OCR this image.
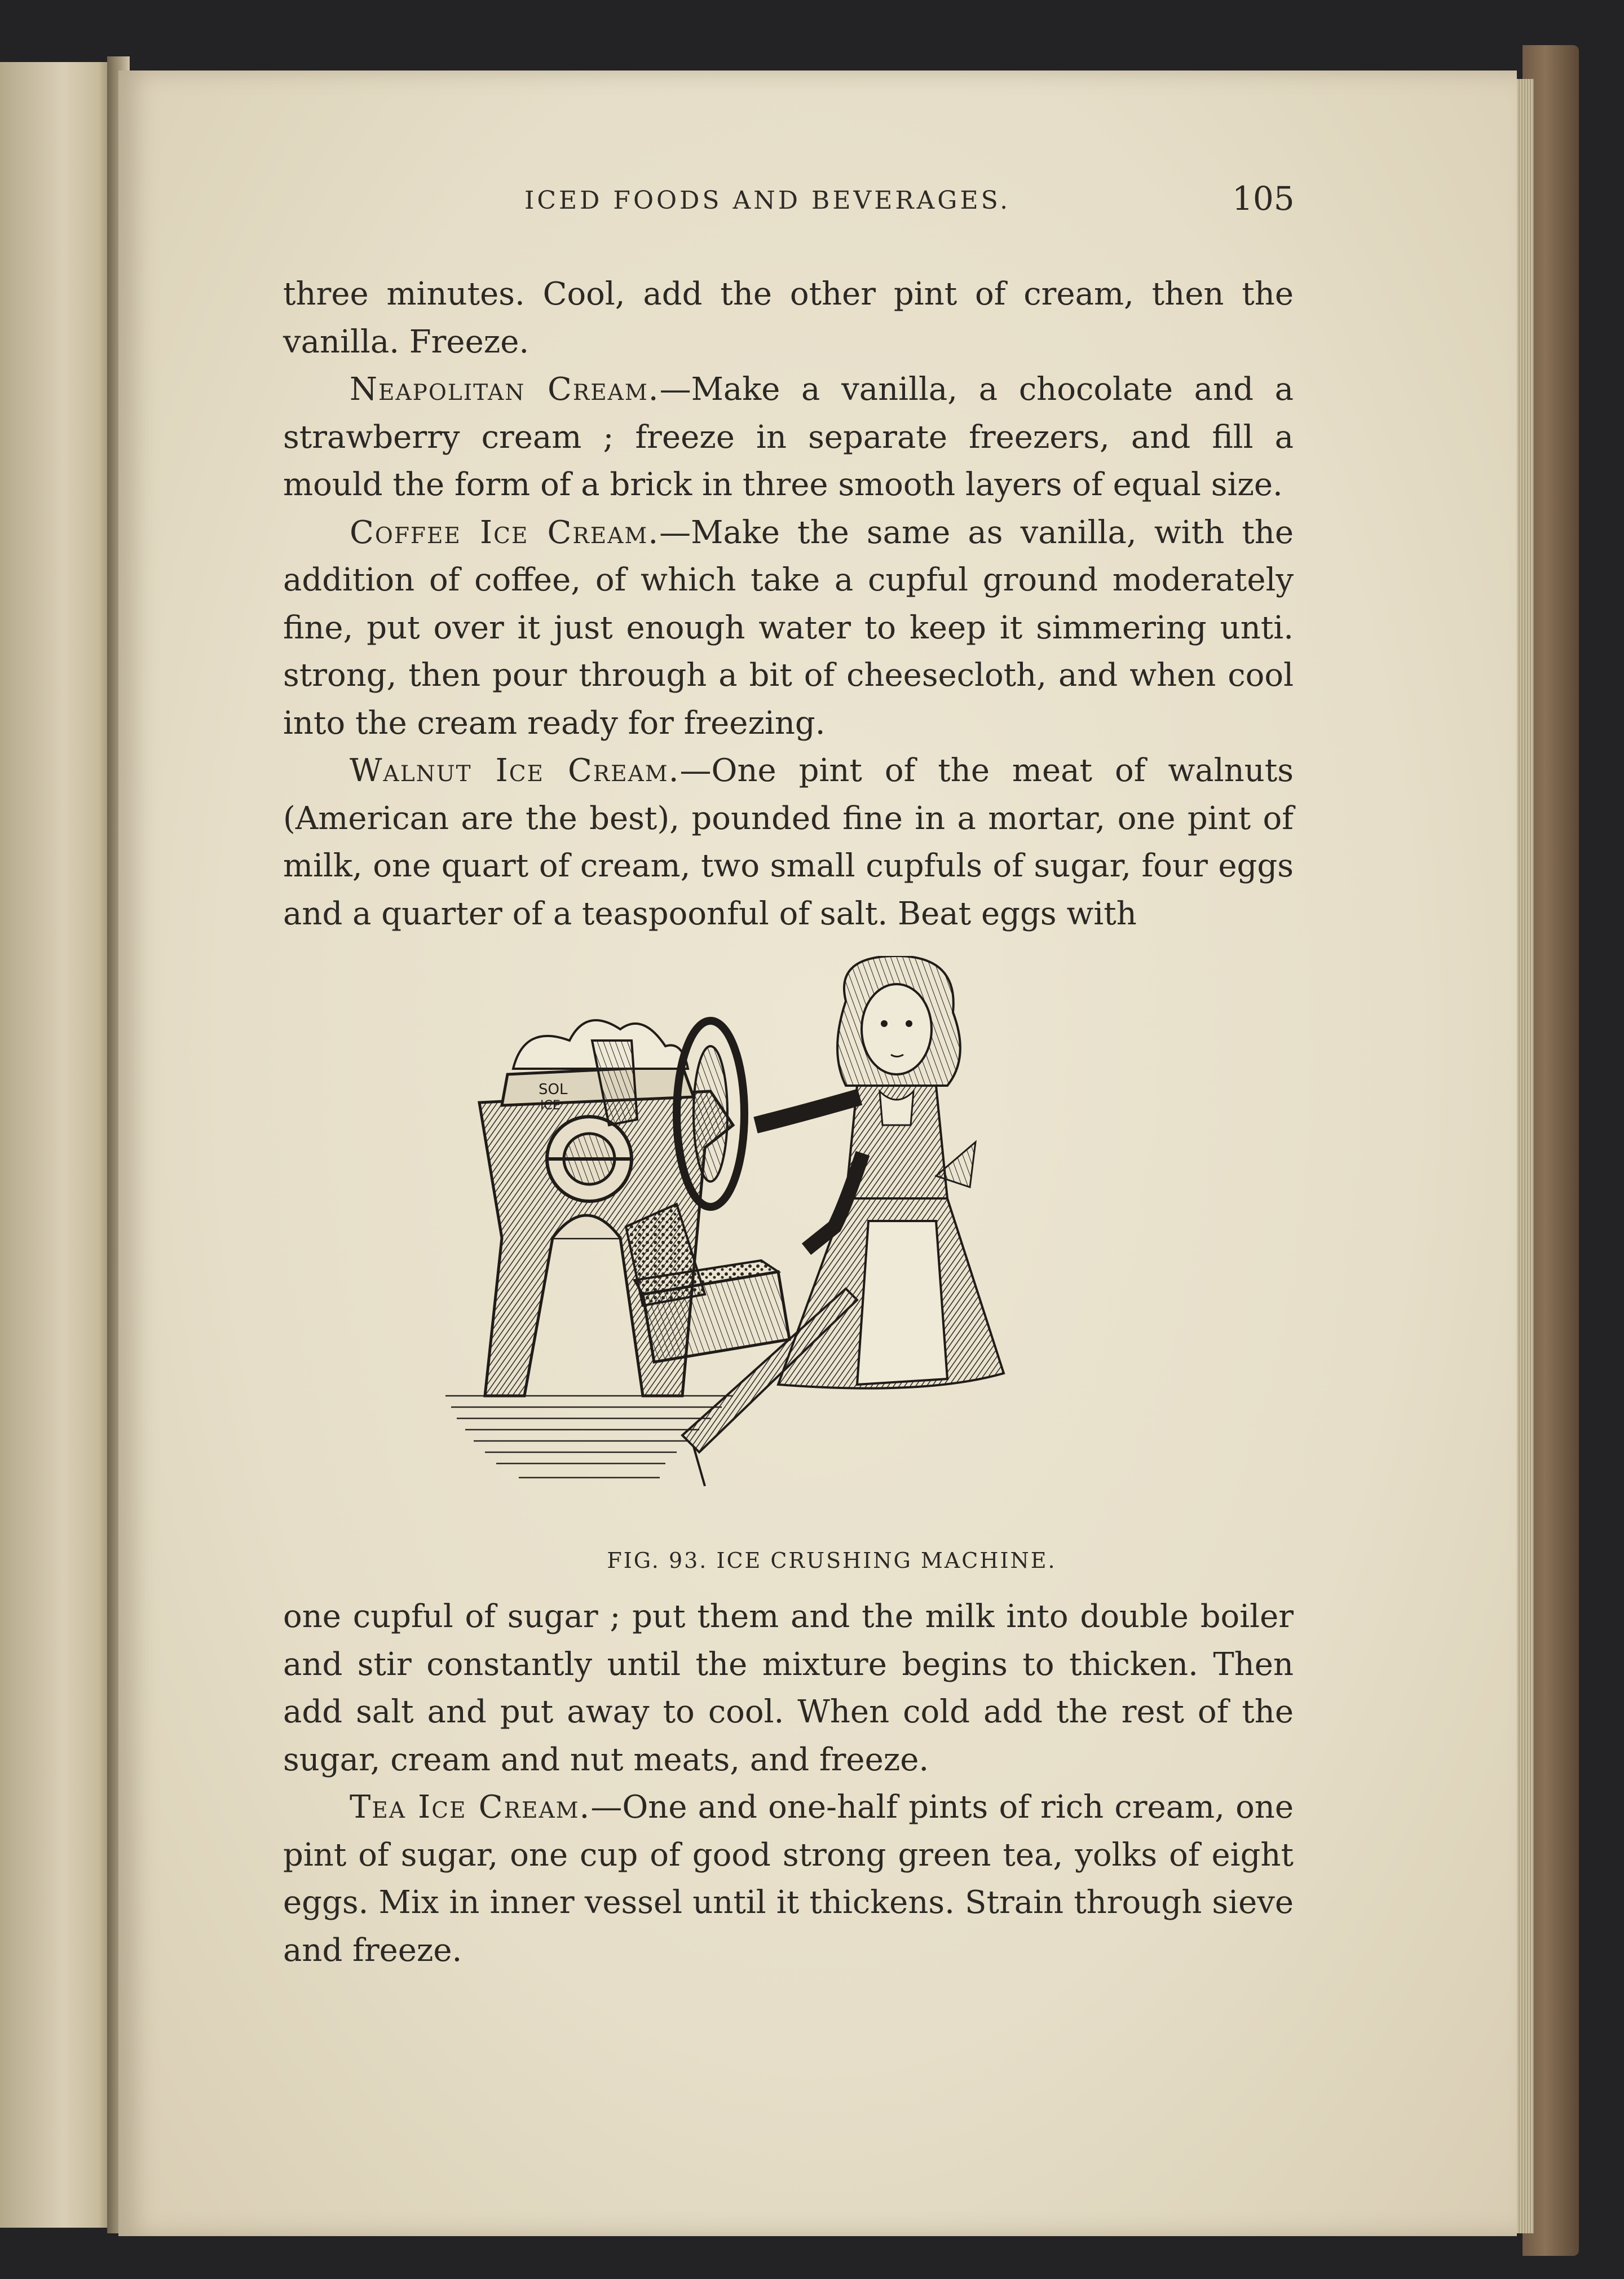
ICED FOODS AND BEVERAGES.	105

three minutes. Cool, add the other pint of cream, then the vanilla. Freeze.

Neapolitan Cream.—Make a vanilla, a chocolate and a strawberry cream ; freeze in separate freezers, and fill a mould the form of a brick in three smooth layers of equal size.

Coffee Ice Cream.—Make the same as vanilla, with the addition of coffee, of which take a cupful ground moderately fine, put over it just enough water to keep it simmering unti. strong, then pour through a bit of cheesecloth, and when cool into the cream ready for freezing.

Walnut Ice Cream.—One pint of the meat of walnuts (American are the best), pounded fine in a mortar, one pint of milk, one quart of cream, two small cupfuls of sugar, four eggs and a quarter of a teaspoonful of salt. Beat eggs with

SOL
ICE
FIG. 93. ICE CRUSHING MACHINE.

one cupful of sugar ; put them and the milk into double boiler and stir constantly until the mixture begins to thicken. Then add salt and put away to cool. When cold add the rest of the sugar, cream and nut meats, and freeze.

Tea Ice Cream.—One and one-half pints of rich cream, one pint of sugar, one cup of good strong green tea, yolks of eight eggs. Mix in inner vessel until it thickens. Strain through sieve and freeze.
